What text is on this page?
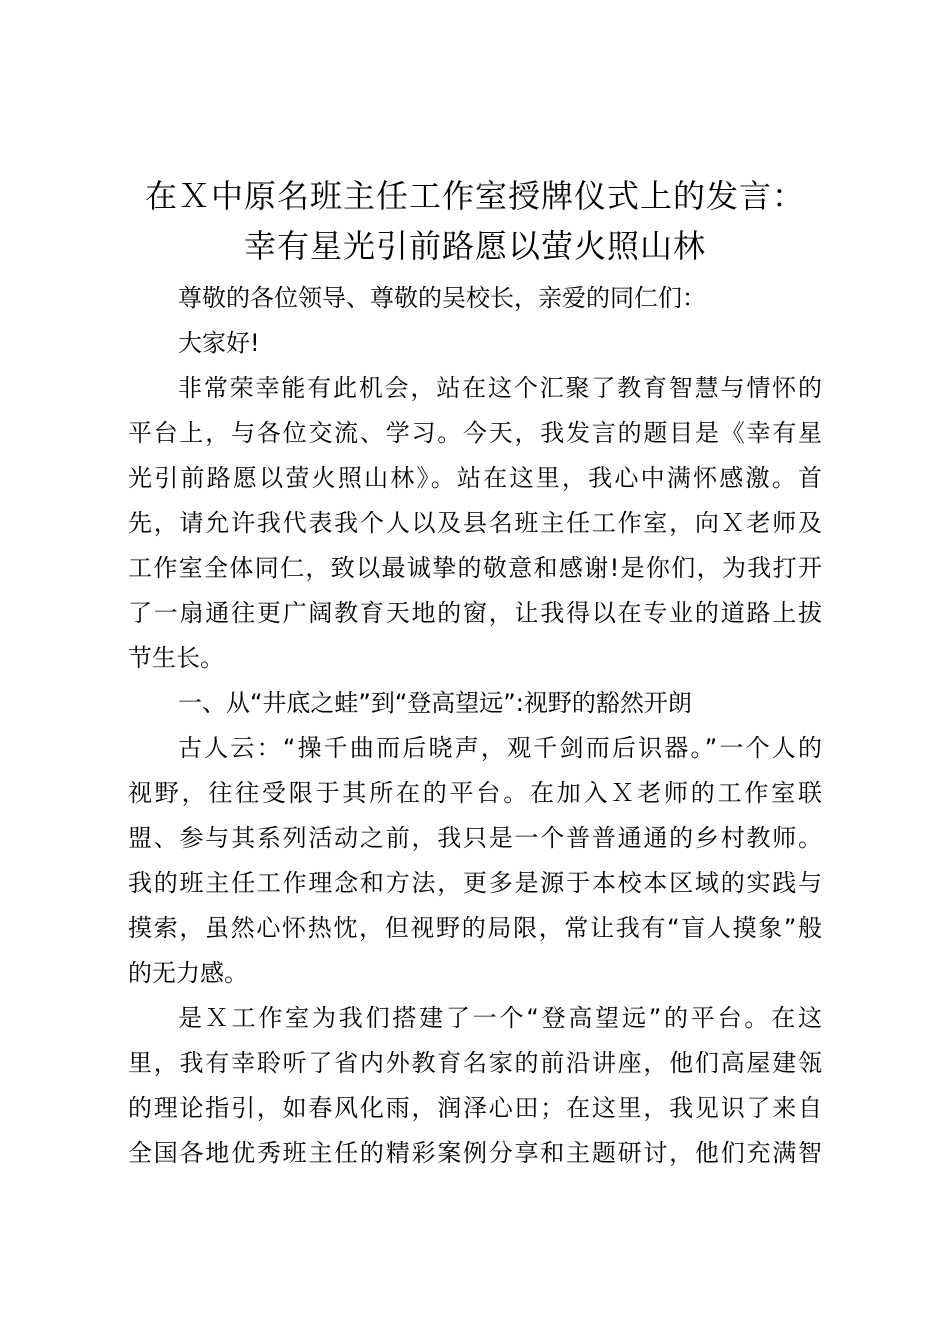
在Ｘ中原名班主任工作室授牌仪式上的发言：
幸有星光引前路愿以萤火照山林
尊敬的各位领导、尊敬的吴校长，亲爱的同仁们：
大家好!
非常荣幸能有此机会，站在这个汇聚了教育智慧与情怀的
平台上，与各位交流、学习。今天，我发言的题目是《幸有星
光引前路愿以萤火照山林》。站在这里，我心中满怀感激。首
先，请允许我代表我个人以及县名班主任工作室，向Ｘ老师及
工作室全体同仁，致以最诚挚的敬意和感谢!是你们，为我打开
了一扇通往更广阔教育天地的窗，让我得以在专业的道路上拔
节生长。
一、从“井底之蛙”到“登高望远”:视野的豁然开朗
古人云：“操千曲而后晓声，观千剑而后识器。”一个人的
视野，往往受限于其所在的平台。在加入Ｘ老师的工作室联
盟、参与其系列活动之前，我只是一个普普通通的乡村教师。
我的班主任工作理念和方法，更多是源于本校本区域的实践与
摸索，虽然心怀热忱，但视野的局限，常让我有“盲人摸象”般
的无力感。
是Ｘ工作室为我们搭建了一个“登高望远”的平台。在这
里，我有幸聆听了省内外教育名家的前沿讲座，他们高屋建瓴
的理论指引，如春风化雨，润泽心田；在这里，我见识了来自
全国各地优秀班主任的精彩案例分享和主题研讨，他们充满智
